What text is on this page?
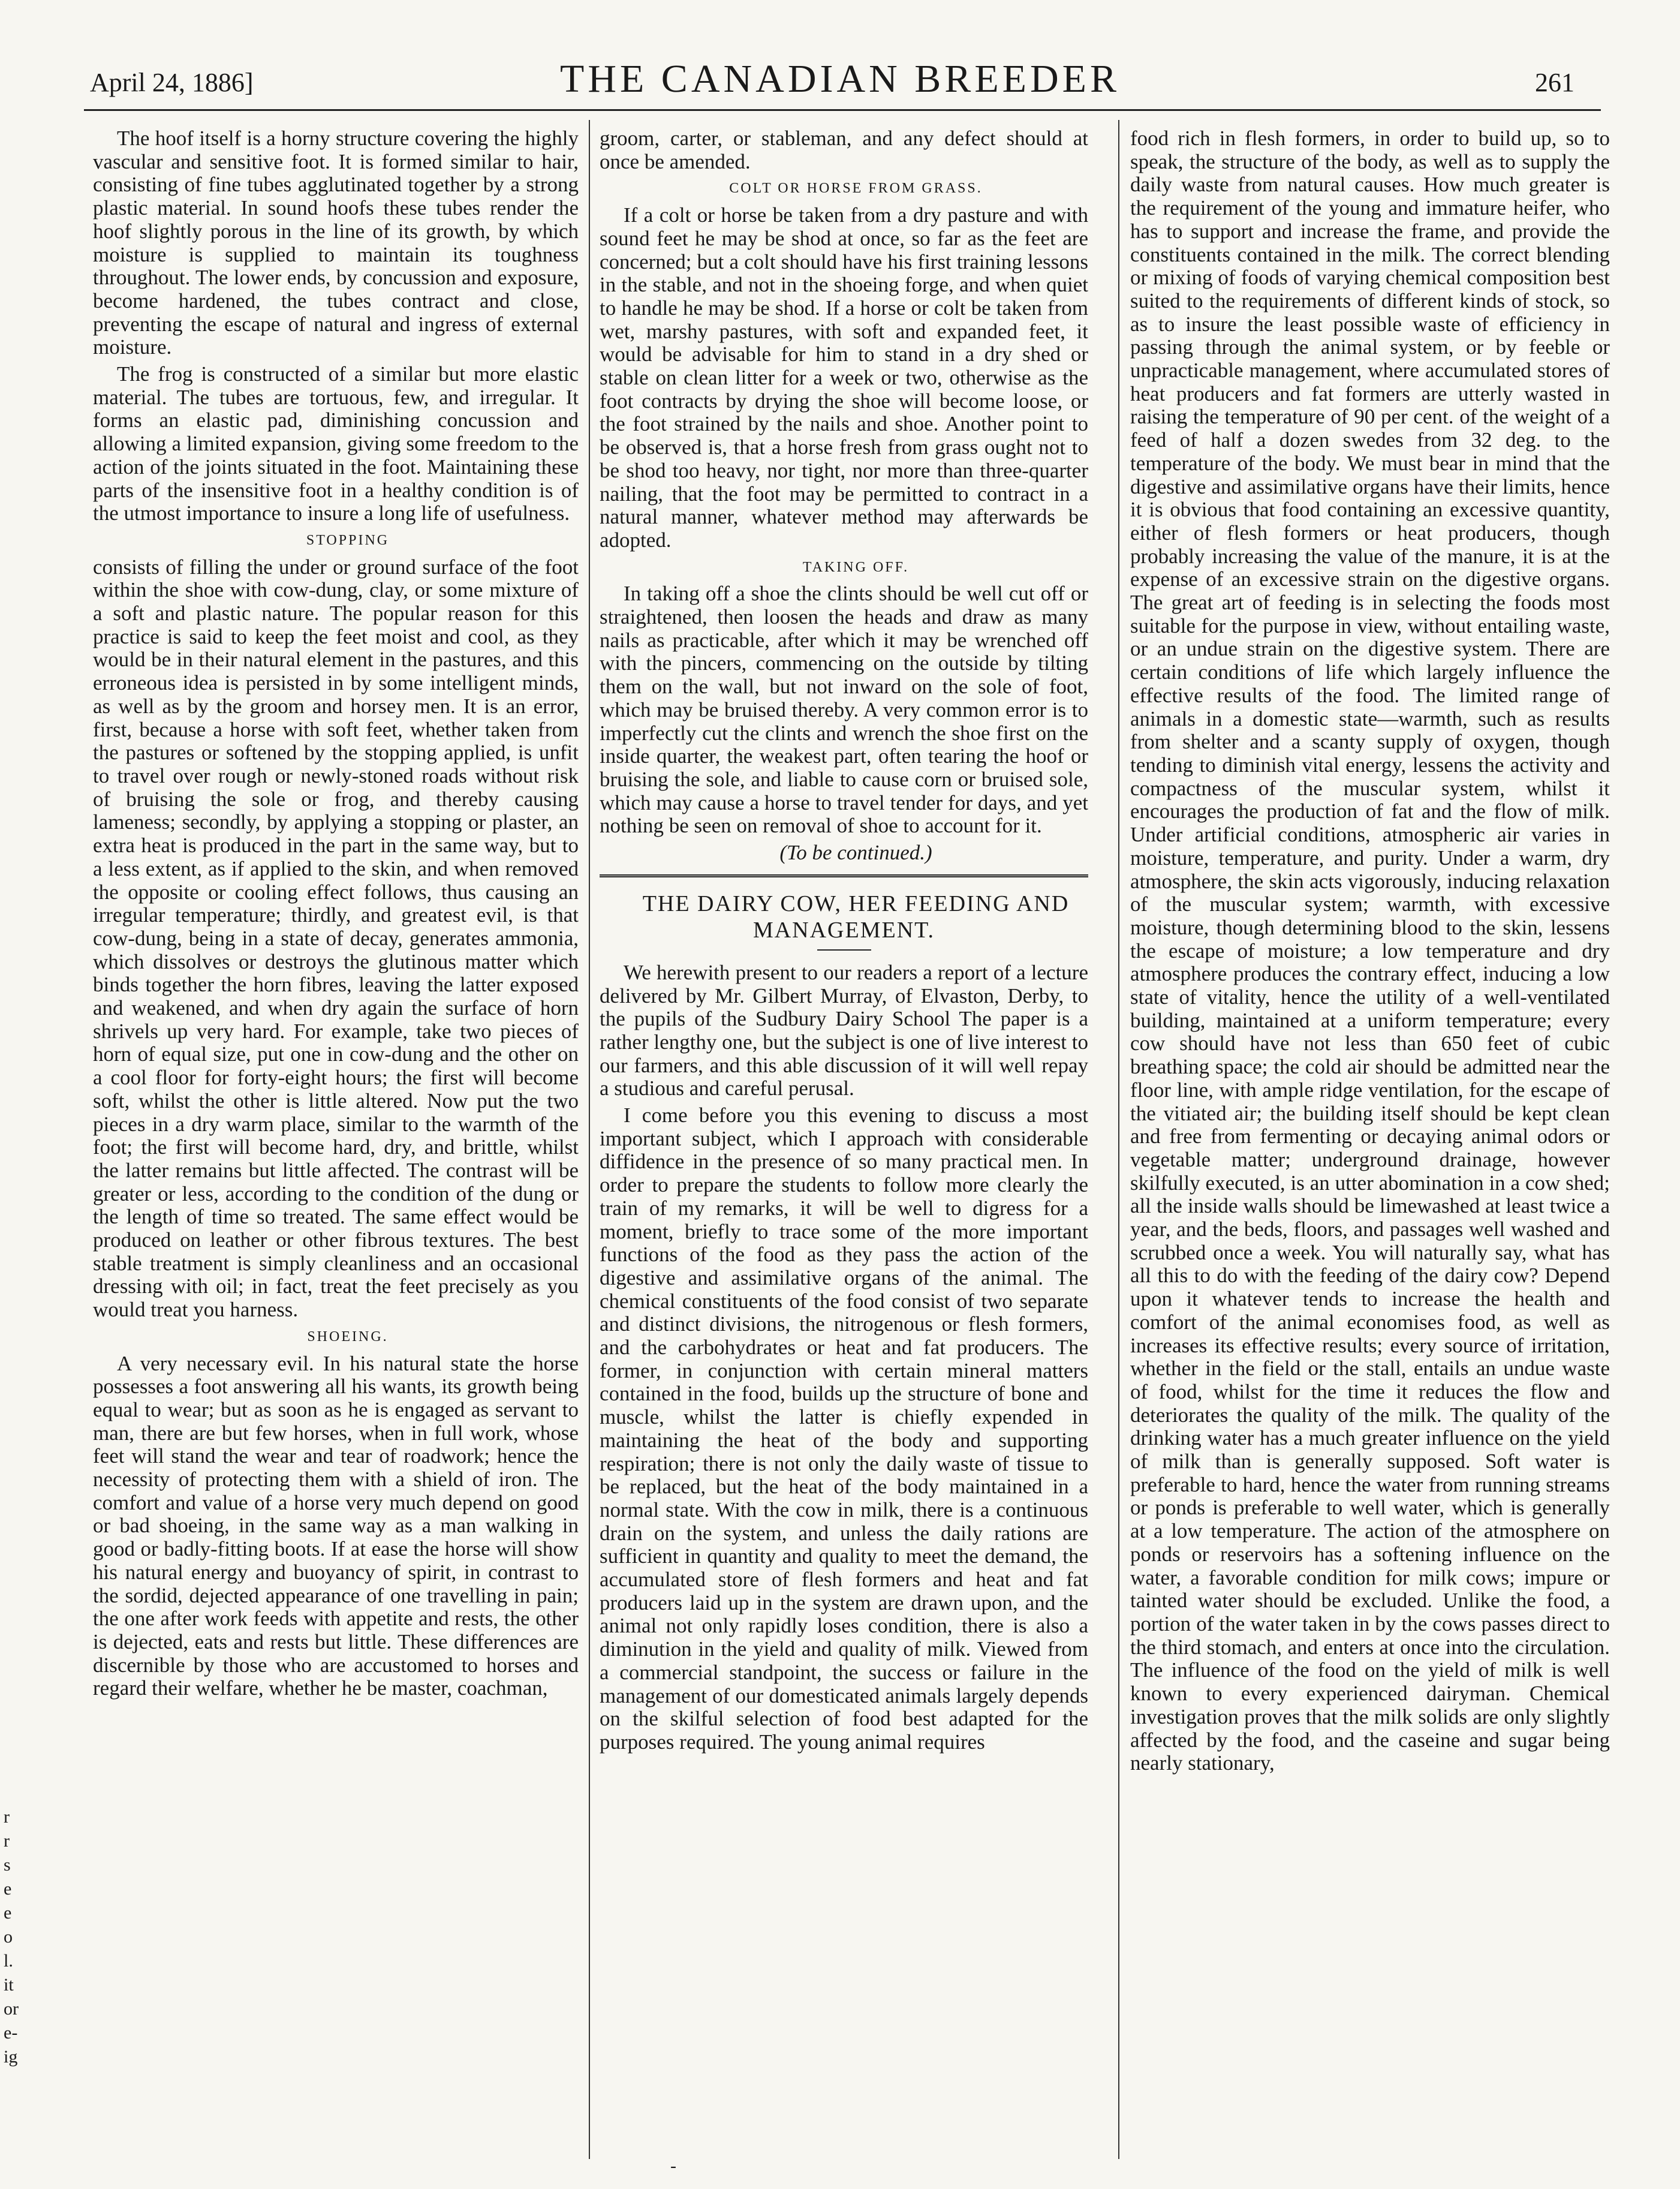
April 24, 1886]	THE CANADIAN BREEDER	261

The hoof itself is a horny structure covering the highly vascular and sensitive foot. It is formed similar to hair, consisting of fine tubes agglutinated together by a strong plastic material. In sound hoofs these tubes render the hoof slightly porous in the line of its growth, by which moisture is supplied to maintain its toughness throughout. The lower ends, by concussion and exposure, become hardened, the tubes contract and close, preventing the escape of natural and ingress of external moisture.

The frog is constructed of a similar but more elastic material. The tubes are tortuous, few, and irregular. It forms an elastic pad, diminishing concussion and allowing a limited expansion, giving some freedom to the action of the joints situated in the foot. Maintaining these parts of the insensitive foot in a healthy condition is of the utmost importance to insure a long life of usefulness.

STOPPING

consists of filling the under or ground surface of the foot within the shoe with cow-dung, clay, or some mixture of a soft and plastic nature. The popular reason for this practice is said to keep the feet moist and cool, as they would be in their natural element in the pastures, and this erroneous idea is persisted in by some intelligent minds, as well as by the groom and horsey men. It is an error, first, because a horse with soft feet, whether taken from the pastures or softened by the stopping applied, is unfit to travel over rough or newly-stoned roads without risk of bruising the sole or frog, and thereby causing lameness; secondly, by applying a stopping or plaster, an extra heat is produced in the part in the same way, but to a less extent, as if applied to the skin, and when removed the opposite or cooling effect follows, thus causing an irregular temperature; thirdly, and greatest evil, is that cow-dung, being in a state of decay, generates ammonia, which dissolves or destroys the glutinous matter which binds together the horn fibres, leaving the latter exposed and weakened, and when dry again the surface of horn shrivels up very hard. For example, take two pieces of horn of equal size, put one in cow-dung and the other on a cool floor for forty-eight hours; the first will become soft, whilst the other is little altered. Now put the two pieces in a dry warm place, similar to the warmth of the foot; the first will become hard, dry, and brittle, whilst the latter remains but little affected. The contrast will be greater or less, according to the condition of the dung or the length of time so treated. The same effect would be produced on leather or other fibrous textures. The best stable treatment is simply cleanliness and an occasional dressing with oil; in fact, treat the feet precisely as you would treat you harness.

SHOEING.

A very necessary evil. In his natural state the horse possesses a foot answering all his wants, its growth being equal to wear; but as soon as he is engaged as servant to man, there are but few horses, when in full work, whose feet will stand the wear and tear of roadwork; hence the necessity of protecting them with a shield of iron. The comfort and value of a horse very much depend on good or bad shoeing, in the same way as a man walking in good or badly-fitting boots. If at ease the horse will show his natural energy and buoyancy of spirit, in contrast to the sordid, dejected appearance of one travelling in pain; the one after work feeds with appetite and rests, the other is dejected, eats and rests but little. These differences are discernible by those who are accustomed to horses and regard their welfare, whether he be master, coachman,

groom, carter, or stableman, and any defect should at once be amended.

COLT OR HORSE FROM GRASS.

If a colt or horse be taken from a dry pasture and with sound feet he may be shod at once, so far as the feet are concerned; but a colt should have his first training lessons in the stable, and not in the shoeing forge, and when quiet to handle he may be shod. If a horse or colt be taken from wet, marshy pastures, with soft and expanded feet, it would be advisable for him to stand in a dry shed or stable on clean litter for a week or two, otherwise as the foot contracts by drying the shoe will become loose, or the foot strained by the nails and shoe. Another point to be observed is, that a horse fresh from grass ought not to be shod too heavy, nor tight, nor more than three-quarter nailing, that the foot may be permitted to contract in a natural manner, whatever method may afterwards be adopted.

TAKING OFF.

In taking off a shoe the clints should be well cut off or straightened, then loosen the heads and draw as many nails as practicable, after which it may be wrenched off with the pincers, commencing on the outside by tilting them on the wall, but not inward on the sole of foot, which may be bruised thereby. A very common error is to imperfectly cut the clints and wrench the shoe first on the inside quarter, the weakest part, often tearing the hoof or bruising the sole, and liable to cause corn or bruised sole, which may cause a horse to travel tender for days, and yet nothing be seen on removal of shoe to account for it.

(To be continued.)

THE DAIRY COW, HER FEEDING AND MANAGEMENT.

We herewith present to our readers a report of a lecture delivered by Mr. Gilbert Murray, of Elvaston, Derby, to the pupils of the Sudbury Dairy School The paper is a rather lengthy one, but the subject is one of live interest to our farmers, and this able discussion of it will well repay a studious and careful perusal.

I come before you this evening to discuss a most important subject, which I approach with considerable diffidence in the presence of so many practical men. In order to prepare the students to follow more clearly the train of my remarks, it will be well to digress for a moment, briefly to trace some of the more important functions of the food as they pass the action of the digestive and assimilative organs of the animal. The chemical constituents of the food consist of two separate and distinct divisions, the nitrogenous or flesh formers, and the carbohydrates or heat and fat producers. The former, in conjunction with certain mineral matters contained in the food, builds up the structure of bone and muscle, whilst the latter is chiefly expended in maintaining the heat of the body and supporting respiration; there is not only the daily waste of tissue to be replaced, but the heat of the body maintained in a normal state. With the cow in milk, there is a continuous drain on the system, and unless the daily rations are sufficient in quantity and quality to meet the demand, the accumulated store of flesh formers and heat and fat producers laid up in the system are drawn upon, and the animal not only rapidly loses condition, there is also a diminution in the yield and quality of milk. Viewed from a commercial standpoint, the success or failure in the management of our domesticated animals largely depends on the skilful selection of food best adapted for the purposes required. The young animal requires

food rich in flesh formers, in order to build up, so to speak, the structure of the body, as well as to supply the daily waste from natural causes. How much greater is the requirement of the young and immature heifer, who has to support and increase the frame, and provide the constituents contained in the milk. The correct blending or mixing of foods of varying chemical composition best suited to the requirements of different kinds of stock, so as to insure the least possible waste of efficiency in passing through the animal system, or by feeble or unpracticable management, where accumulated stores of heat producers and fat formers are utterly wasted in raising the temperature of 90 per cent. of the weight of a feed of half a dozen swedes from 32 deg. to the temperature of the body. We must bear in mind that the digestive and assimilative organs have their limits, hence it is obvious that food containing an excessive quantity, either of flesh formers or heat producers, though probably increasing the value of the manure, it is at the expense of an excessive strain on the digestive organs. The great art of feeding is in selecting the foods most suitable for the purpose in view, without entailing waste, or an undue strain on the digestive system. There are certain conditions of life which largely influence the effective results of the food. The limited range of animals in a domestic state—warmth, such as results from shelter and a scanty supply of oxygen, though tending to diminish vital energy, lessens the activity and compactness of the muscular system, whilst it encourages the production of fat and the flow of milk. Under artificial conditions, atmospheric air varies in moisture, temperature, and purity. Under a warm, dry atmosphere, the skin acts vigorously, inducing relaxation of the muscular system; warmth, with excessive moisture, though determining blood to the skin, lessens the escape of moisture; a low temperature and dry atmosphere produces the contrary effect, inducing a low state of vitality, hence the utility of a well-ventilated building, maintained at a uniform temperature; every cow should have not less than 650 feet of cubic breathing space; the cold air should be admitted near the floor line, with ample ridge ventilation, for the escape of the vitiated air; the building itself should be kept clean and free from fermenting or decaying animal odors or vegetable matter; underground drainage, however skilfully executed, is an utter abomination in a cow shed; all the inside walls should be limewashed at least twice a year, and the beds, floors, and passages well washed and scrubbed once a week. You will naturally say, what has all this to do with the feeding of the dairy cow? Depend upon it whatever tends to increase the health and comfort of the animal economises food, as well as increases its effective results; every source of irritation, whether in the field or the stall, entails an undue waste of food, whilst for the time it reduces the flow and deteriorates the quality of the milk. The quality of the drinking water has a much greater influence on the yield of milk than is generally supposed. Soft water is preferable to hard, hence the water from running streams or ponds is preferable to well water, which is generally at a low temperature. The action of the atmosphere on ponds or reservoirs has a softening influence on the water, a favorable condition for milk cows; impure or tainted water should be excluded. Unlike the food, a portion of the water taken in by the cows passes direct to the third stomach, and enters at once into the circulation. The influence of the food on the yield of milk is well known to every experienced dairyman. Chemical investigation proves that the milk solids are only slightly affected by the food, and the caseine and sugar being nearly stationary,

r
r
s
e
e
o
l.
it
or
e-
ig
-
